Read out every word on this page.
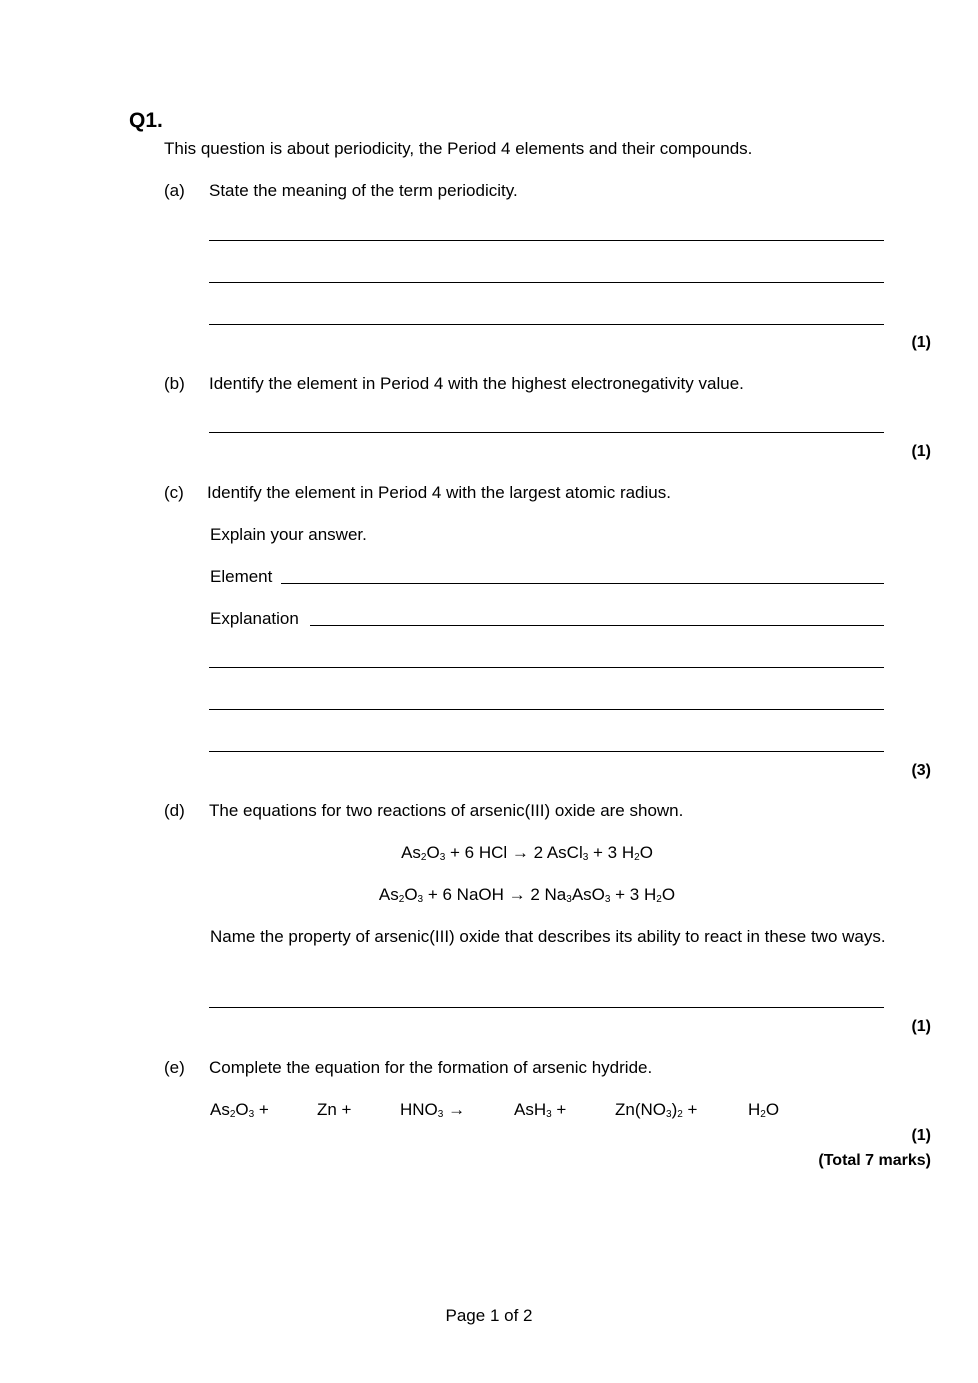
Q1.
This question is about periodicity, the Period 4 elements and their compounds.
(a) State the meaning of the term periodicity.
(1)
(b) Identify the element in Period 4 with the highest electronegativity value.
(1)
(c) Identify the element in Period 4 with the largest atomic radius.
Explain your answer.
Element
Explanation
(3)
(d) The equations for two reactions of arsenic(III) oxide are shown.
$As_2O_3 + 6$ HCl → 2 AsCl$_3$ + 3 $H_2O$
$As_2O_3 + 6$ NaOH → 2 $Na_3AsO_3 + 3$ $H_2O$
Name the property of arsenic(III) oxide that describes its ability to react in these two ways.
(1)
(e) Complete the equation for the formation of arsenic hydride.
$As_2O_3$ +	Zn +	$HNO_3$ →	AsH$_3$ +	$Zn(NO_3)_2$ +	$H_2O$
(1)
(Total 7 marks)
Page 1 of 2
